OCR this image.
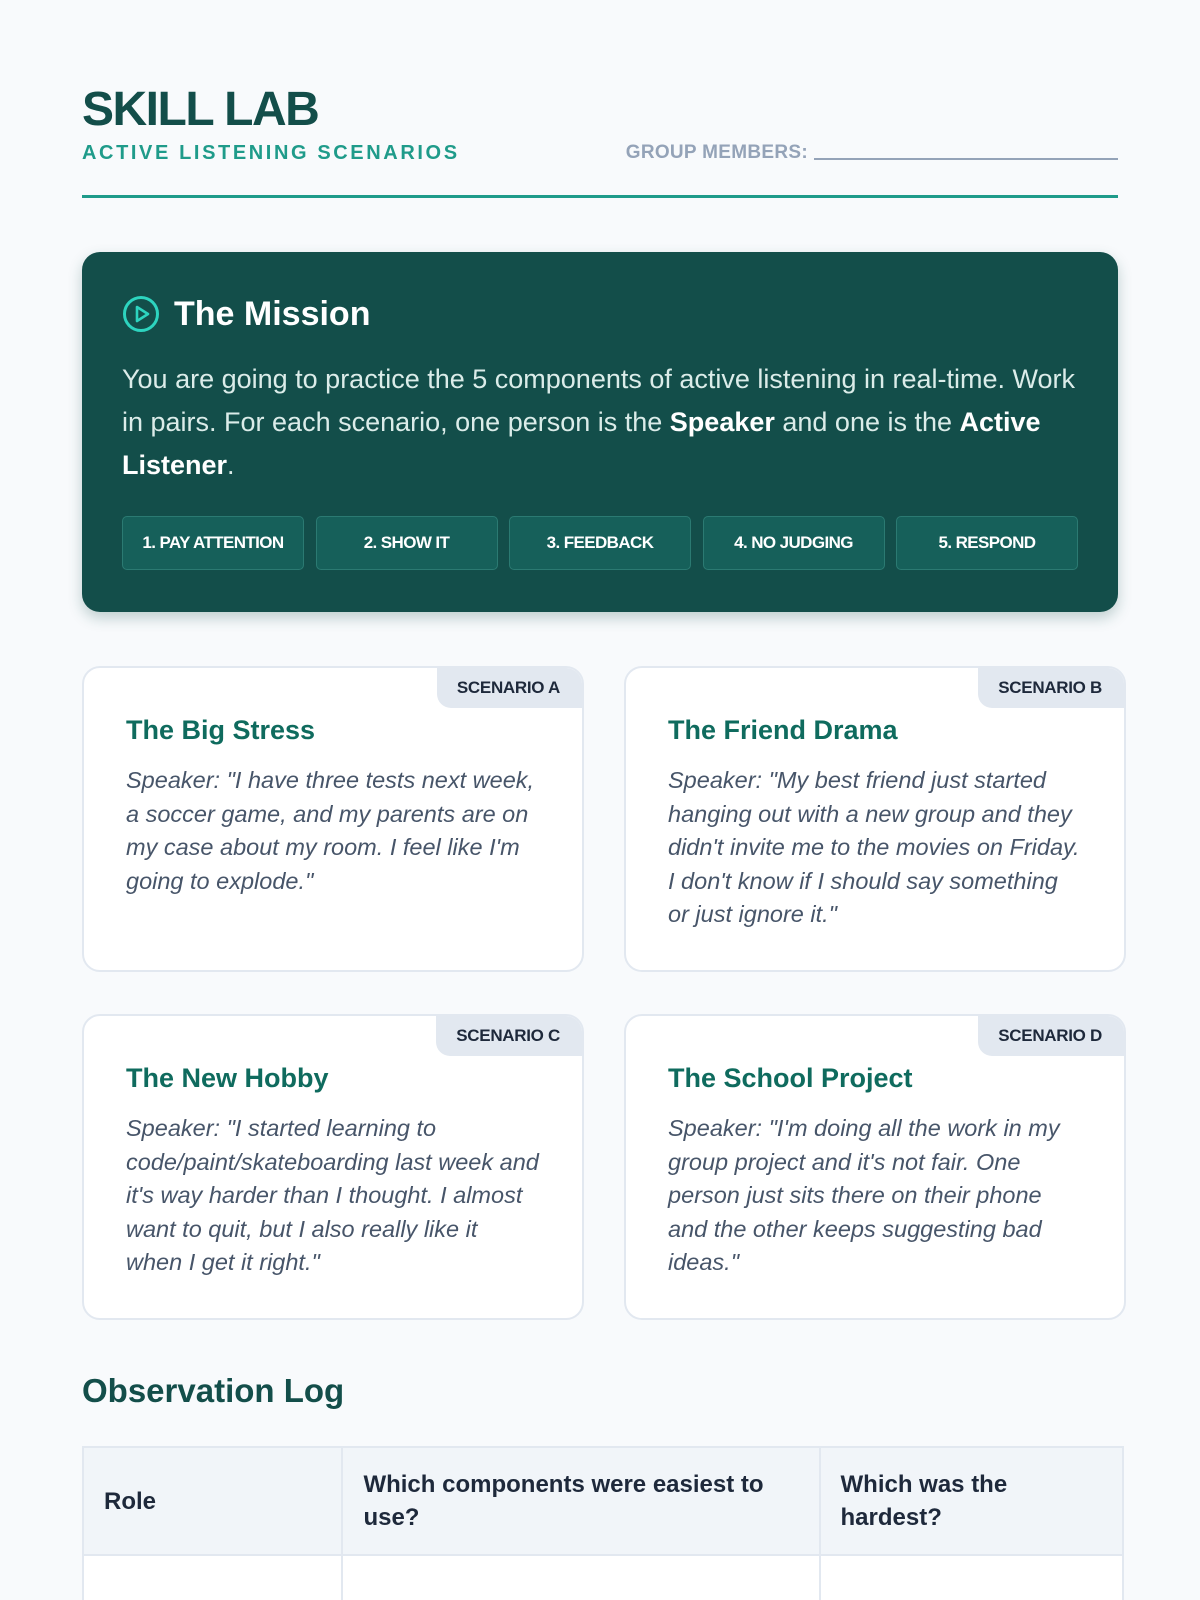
SKILL LAB
ACTIVE LISTENING SCENARIOS	GROUP MEMBERS:
The Mission

You are going to practice the 5 components of active listening in real-time. Work in pairs. For each scenario, one person is the Speaker and one is the Active Listener.

1. PAY ATTENTION	2. SHOW IT	3. FEEDBACK	4. NO JUDGING	5. RESPOND
SCENARIO A
The Big Stress

Speaker: "I have three tests next week, a soccer game, and my parents are on my case about my room. I feel like I'm going to explode."

SCENARIO B
The Friend Drama

Speaker: "My best friend just started hanging out with a new group and they didn't invite me to the movies on Friday. I don't know if I should say something or just ignore it."

SCENARIO C
The New Hobby

Speaker: "I started learning to code/paint/skateboarding last week and it's way harder than I thought. I almost want to quit, but I also really like it when I get it right."

SCENARIO D
The School Project

Speaker: "I'm doing all the work in my group project and it's not fair. One person just sits there on their phone and the other keeps suggesting bad ideas."

Observation Log
Role	Which components were easiest to use?	Which was the hardest?
